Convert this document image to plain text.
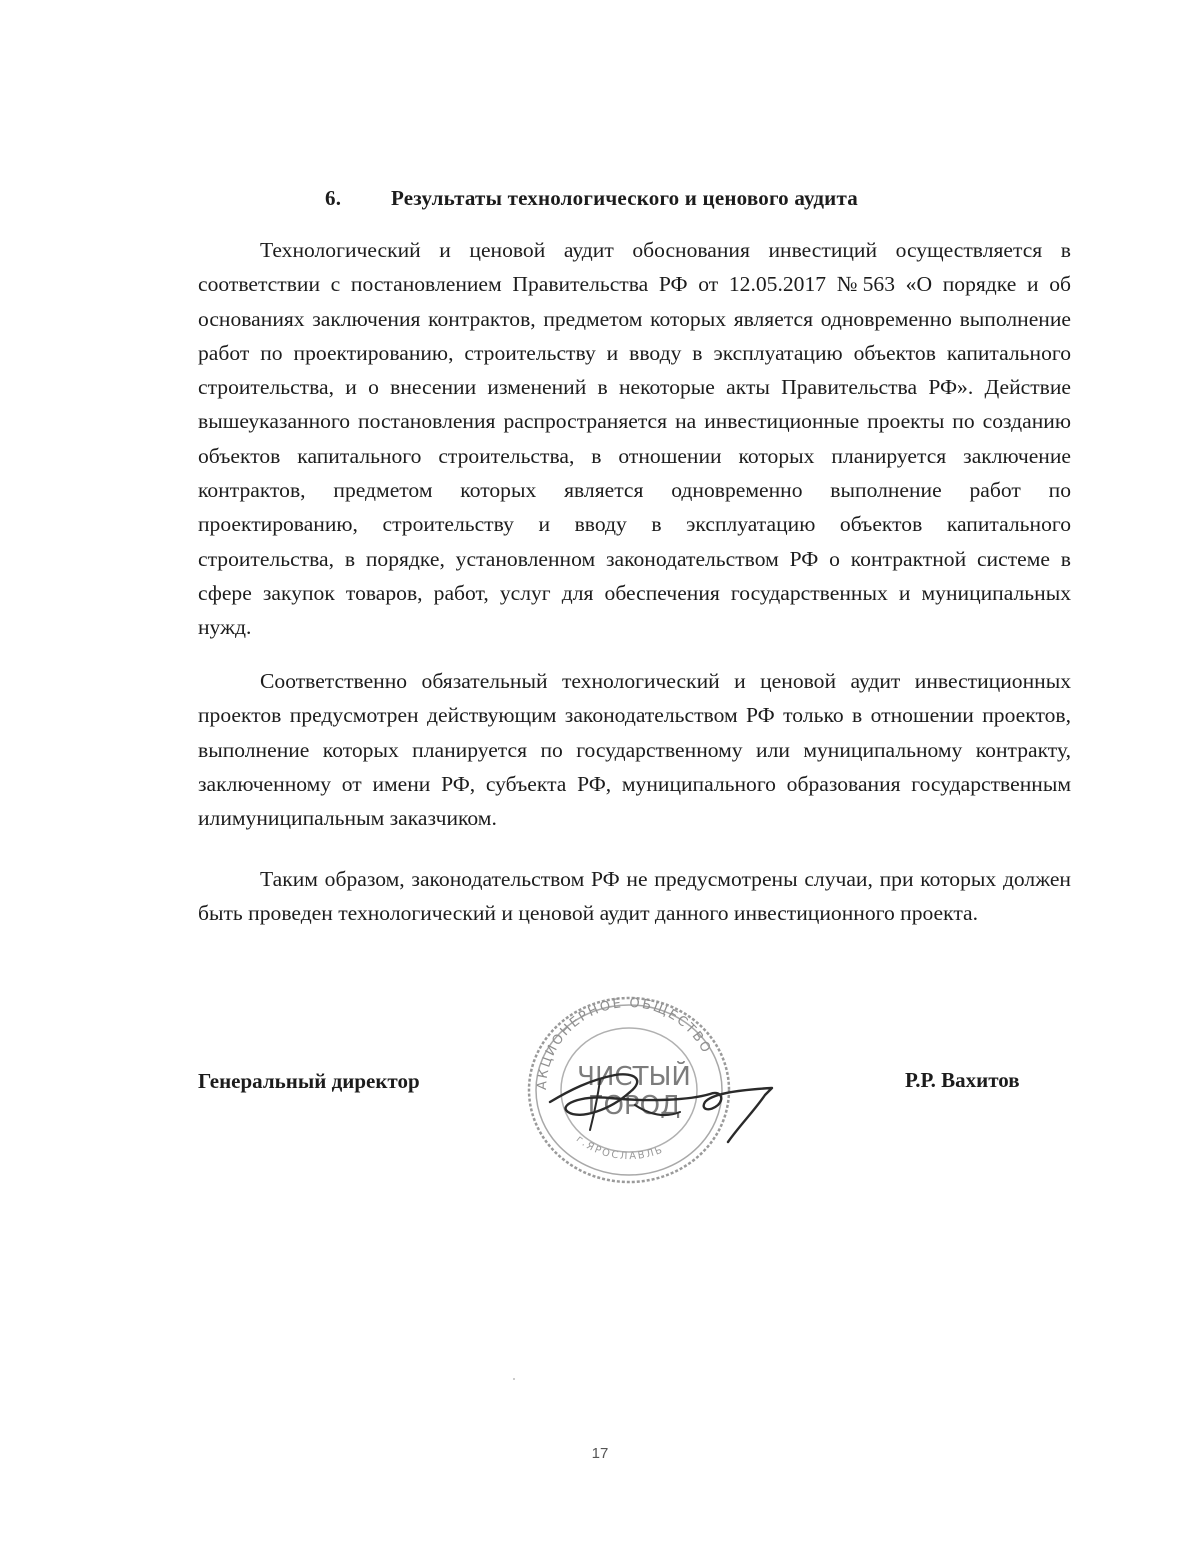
6. Результаты технологического и ценового аудита

Технологический и ценовой аудит обоснования инвестиций осуществляется в соответствии с постановлением Правительства РФ от 12.05.2017 №563 «О порядке и об основаниях заключения контрактов, предметом которых является одновременно выполнение работ по проектированию, строительству и вводу в эксплуатацию объектов капитального строительства, и о внесении изменений в некоторые акты Правительства РФ». Действие вышеуказанного постановления распространяется на инвестиционные проекты по созданию объектов капитального строительства, в отношении которых планируется заключение контрактов, предметом которых является одновременно выполнение работ по проектированию, строительству и вводу в эксплуатацию объектов капитального строительства, в порядке, установленном законодательством РФ о контрактной системе в сфере закупок товаров, работ, услуг для обеспечения государственных и муниципальных нужд.

Соответственно обязательный технологический и ценовой аудит инвестиционных проектов предусмотрен действующим законодательством РФ только в отношении проектов, выполнение которых планируется по государственному или муниципальному контракту, заключенному от имени РФ, субъекта РФ, муниципального образования государственным илимуниципальным заказчиком.

Таким образом, законодательством РФ не предусмотрены случаи, при которых должен быть проведен технологический и ценовой аудит данного инвестиционного проекта.

Генеральный директор	АКЦИОНЕРНОЕ ОБЩЕСТВО
г.ЯРОСЛАВЛЬ
ЧИСТЫЙ
ГОРОД
Р.Р. Вахитов
17
